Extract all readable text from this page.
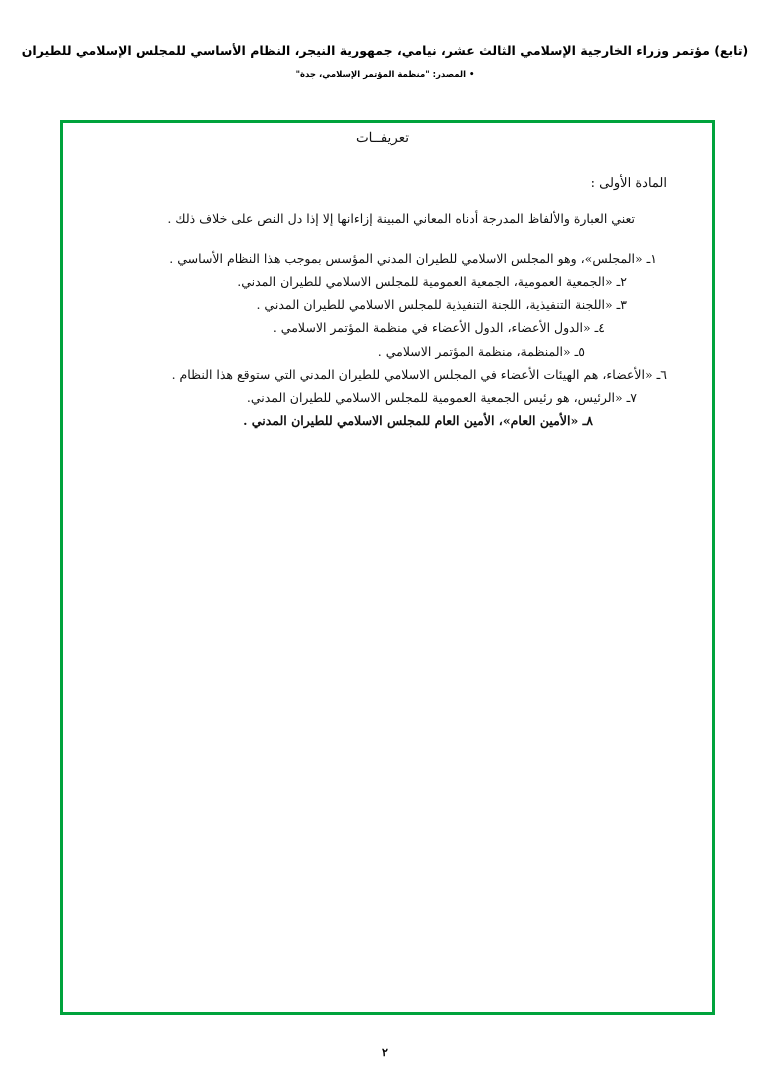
(تابع) مؤتمر وزراء الخارجية الإسلامي الثالث عشر، نيامي، جمهورية النيجر، النظام الأساسي للمجلس الإسلامي للطيران
• المصدر: "منظمة المؤتمر الإسلامي، جدة"
تعريفــات
المادة الأولى :
تعني العبارة والألفاظ المدرجة أدناه المعاني المبينة إزاءانها إلا إذا دل النص على خلاف ذلك .
١ـ «المجلس»، وهو المجلس الاسلامي للطيران المدني المؤسس بموجب هذا النظام الأساسي .
٢ـ «الجمعية العمومية، الجمعية العمومية للمجلس الاسلامي للطيران المدني.
٣ـ «اللجنة التنفيذية، اللجنة التنفيذية للمجلس الاسلامي للطيران المدني .
٤ـ «الدول الأعضاء، الدول الأعضاء في منظمة المؤتمر الاسلامي .
٥ـ «المنظمة، منظمة المؤتمر الاسلامي .
٦ـ «الأعضاء، هم الهيئات الأعضاء في المجلس الاسلامي للطيران المدني التي ستوقع هذا النظام .
٧ـ «الرئيس، هو رئيس الجمعية العمومية للمجلس الاسلامي للطيران المدني.
٨ـ «الأمين العام»، الأمين العام للمجلس الاسلامي للطيران المدني .
٢
